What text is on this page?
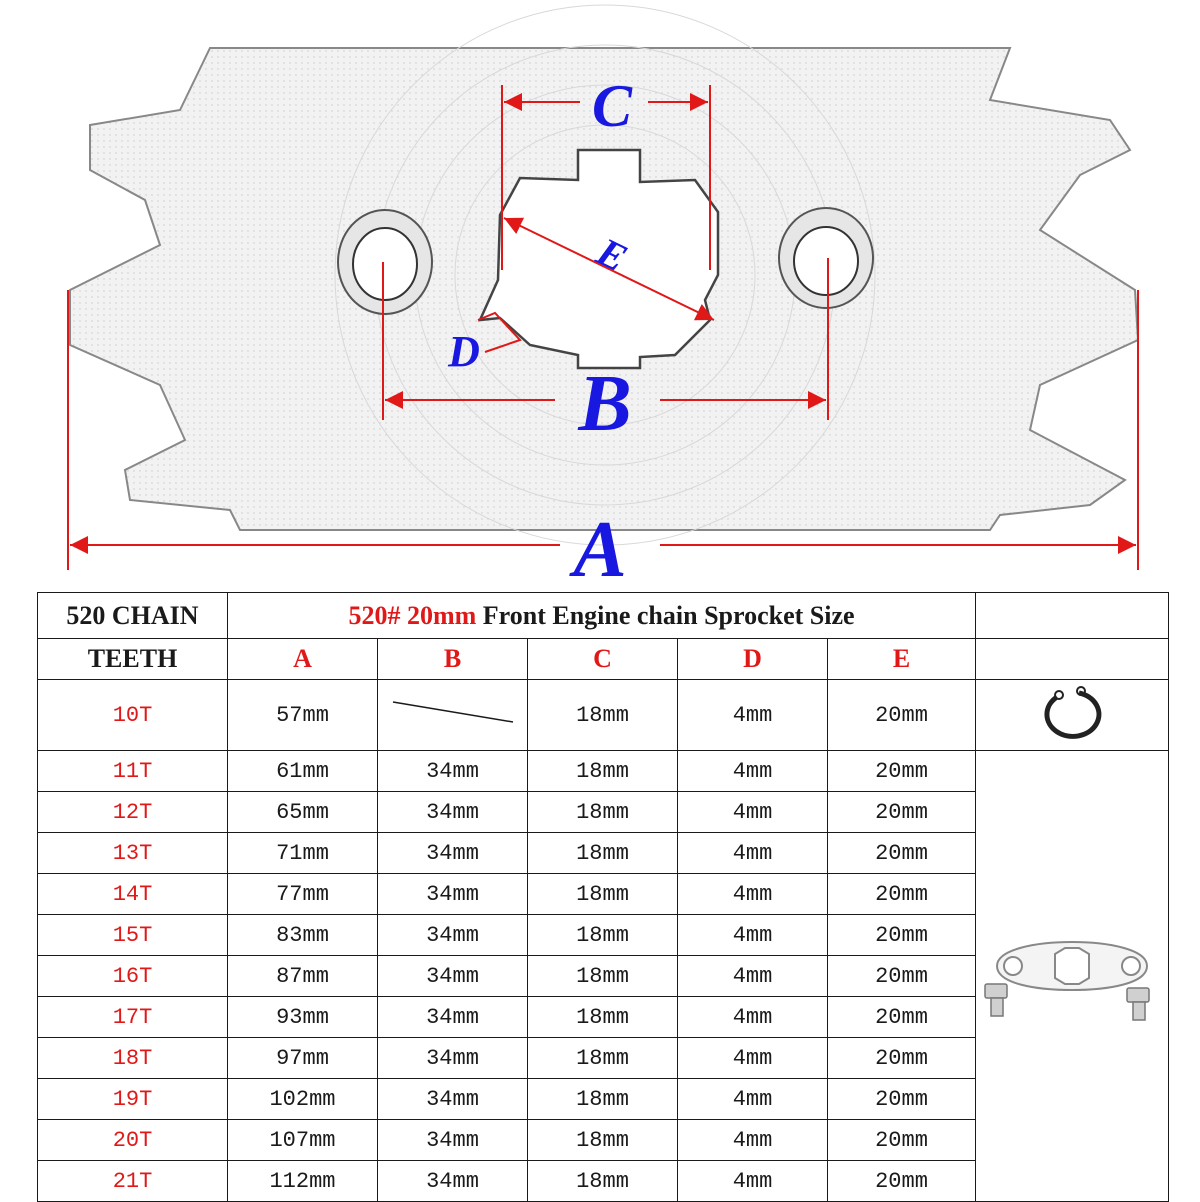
A
B
C
D
E
520 CHAIN	520# 20mm Front Engine chain Sprocket Size					
TEETH	A	B	C	D	E	
10T	57mm		18mm	4mm	20mm	
11T	61mm	34mm	18mm	4mm	20mm	
12T	65mm	34mm	18mm	4mm	20mm	
13T	71mm	34mm	18mm	4mm	20mm	
14T	77mm	34mm	18mm	4mm	20mm	
15T	83mm	34mm	18mm	4mm	20mm	
16T	87mm	34mm	18mm	4mm	20mm	
17T	93mm	34mm	18mm	4mm	20mm	
18T	97mm	34mm	18mm	4mm	20mm	
19T	102mm	34mm	18mm	4mm	20mm	
20T	107mm	34mm	18mm	4mm	20mm	
21T	112mm	34mm	18mm	4mm	20mm	
